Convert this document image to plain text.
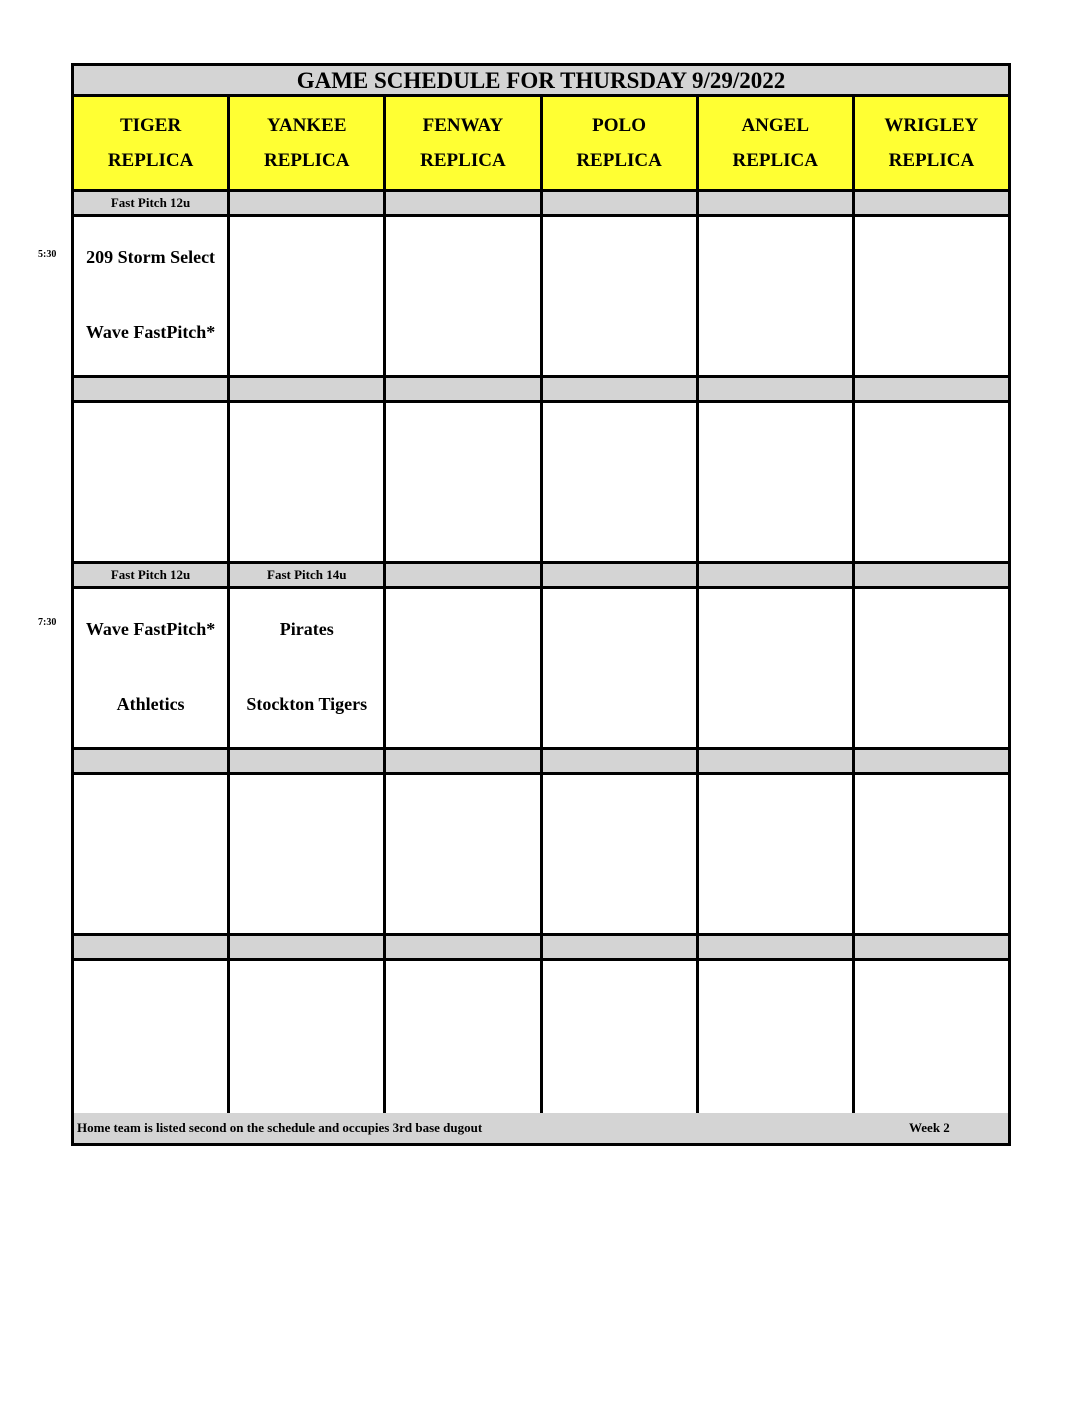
GAME SCHEDULE FOR THURSDAY 9/29/2022
TIGER
REPLICA
YANKEE
REPLICA
FENWAY
REPLICA
POLO
REPLICA
ANGEL
REPLICA
WRIGLEY
REPLICA
Fast Pitch 12u
209 Storm Select
Wave FastPitch*
Fast Pitch 12u	Fast Pitch 14u
Wave FastPitch*
Athletics
Pirates
Stockton Tigers
Home team is listed second on the schedule and occupies 3rd base dugout	Week 2
5:30
7:30
